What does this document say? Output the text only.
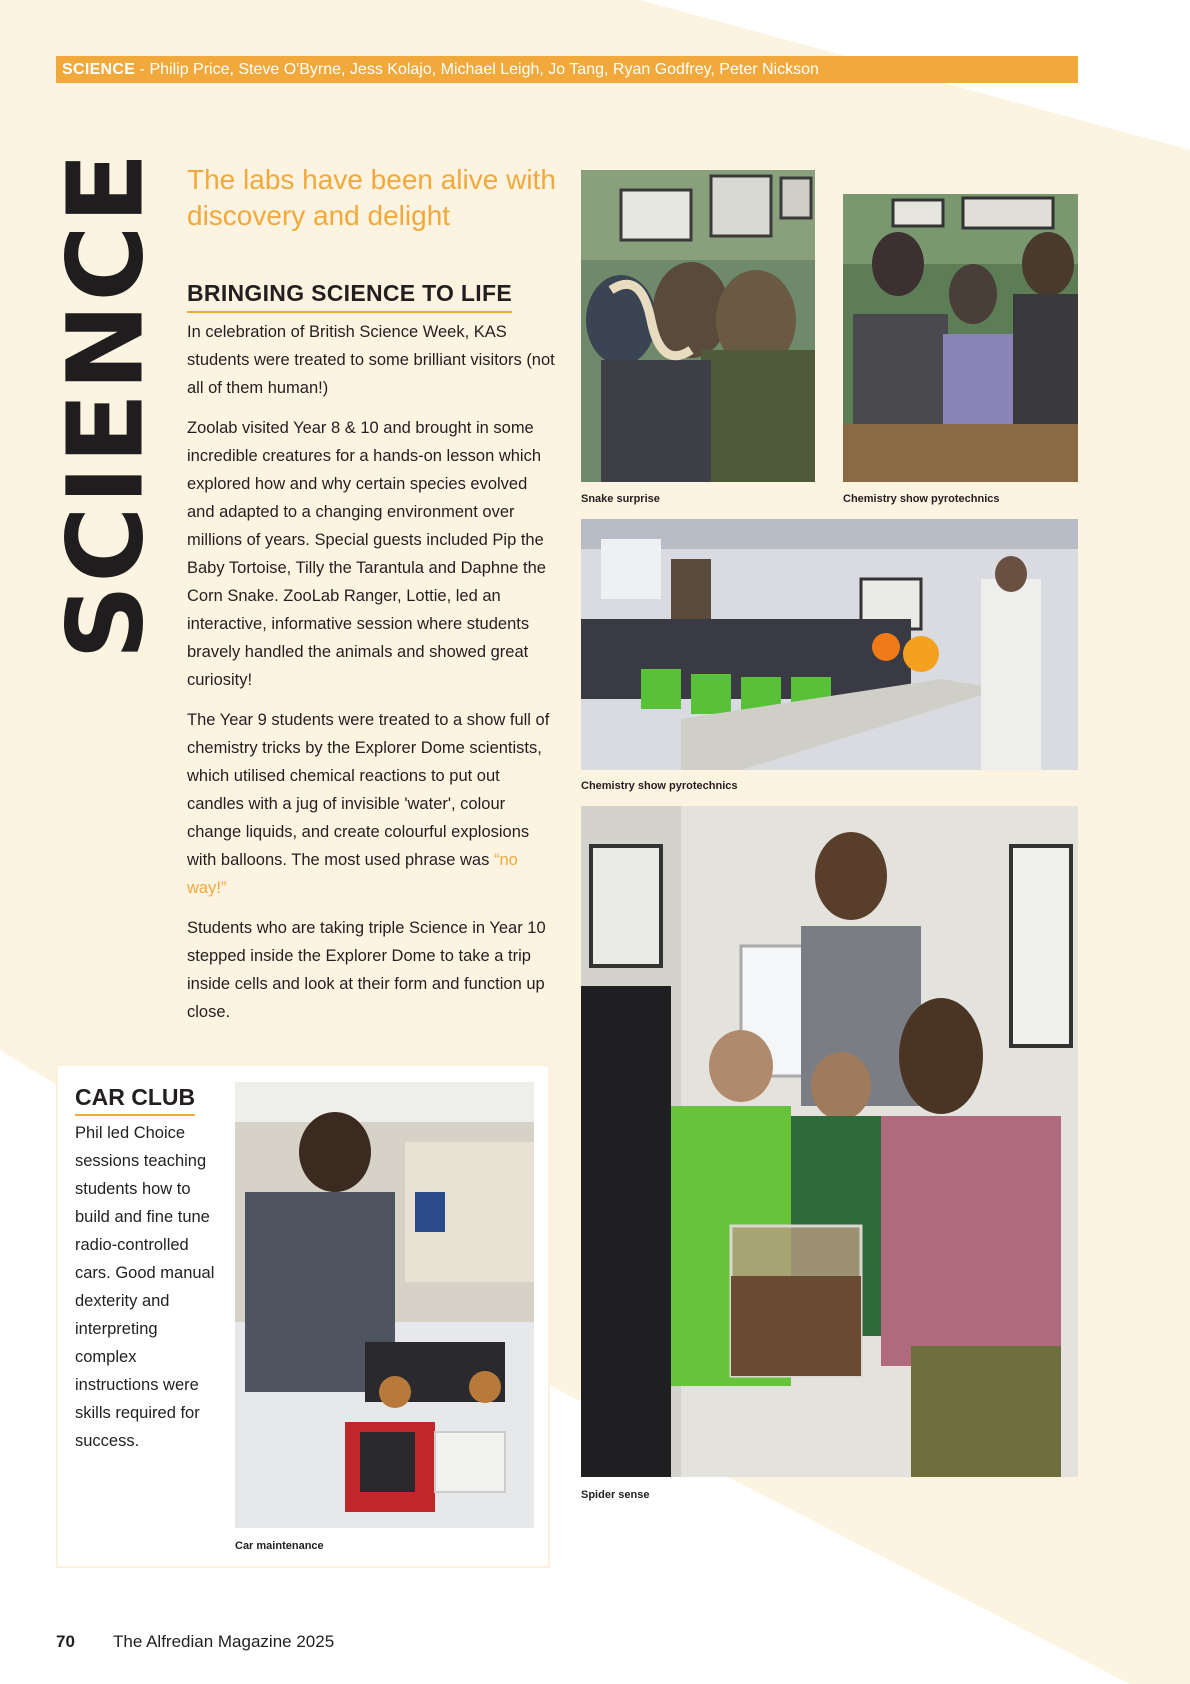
SCIENCE - Philip Price, Steve O'Byrne, Jess Kolajo, Michael Leigh, Jo Tang, Ryan Godfrey, Peter Nickson
SCIENCE The labs have been alive with discovery and delight
BRINGING SCIENCE TO LIFE

In celebration of British Science Week, KAS students were treated to some brilliant visitors (not all of them human!)

Zoolab visited Year 8 & 10 and brought in some incredible creatures for a hands-on lesson which explored how and why certain species evolved and adapted to a changing environment over millions of years. Special guests included Pip the Baby Tortoise, Tilly the Tarantula and Daphne the Corn Snake. ZooLab Ranger, Lottie, led an interactive, informative session where students bravely handled the animals and showed great curiosity!

The Year 9 students were treated to a show full of chemistry tricks by the Explorer Dome scientists, which utilised chemical reactions to put out candles with a jug of invisible 'water', colour change liquids, and create colourful explosions with balloons. The most used phrase was “no way!”

Students who are taking triple Science in Year 10 stepped inside the Explorer Dome to take a trip inside cells and look at their form and function up close.

Snake surprise	Chemistry show pyrotechnics
Chemistry show pyrotechnics
Spider sense
CAR CLUB
Phil led Choice sessions teaching students how to build and fine tune radio-controlled cars. Good manual dexterity and interpreting complex instructions were skills required for success.
Car maintenance
70 The Alfredian Magazine 2025
